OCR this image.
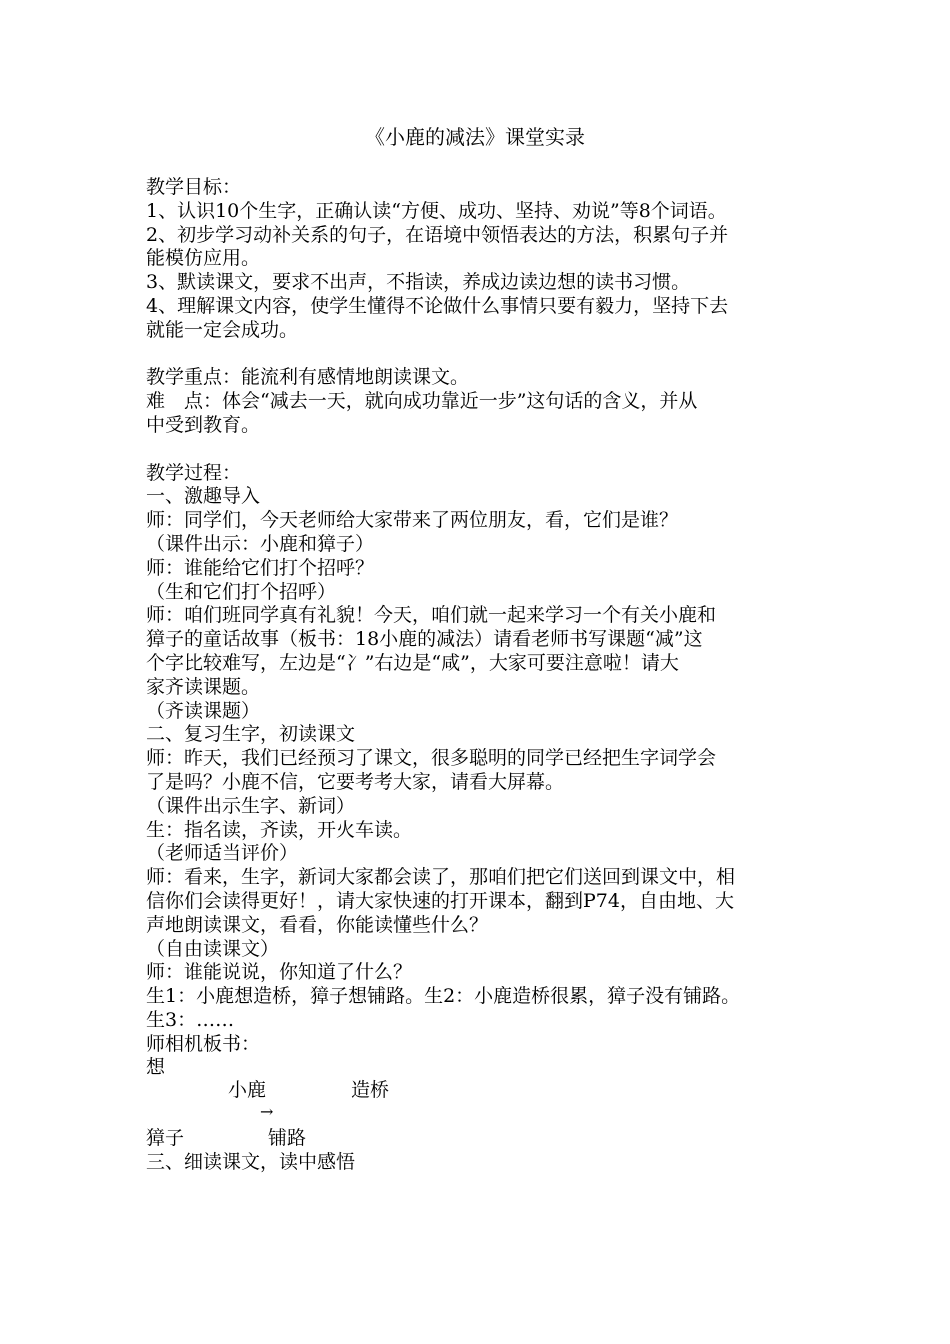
《小鹿的减法》课堂实录
教学目标：
1、认识10个生字，正确认读“方便、成功、坚持、劝说”等8个词语。
2、初步学习动补关系的句子，在语境中领悟表达的方法，积累句子并
能模仿应用。
3、默读课文，要求不出声，不指读，养成边读边想的读书习惯。
4、理解课文内容，使学生懂得不论做什么事情只要有毅力，坚持下去
就能一定会成功。
教学重点：能流利有感情地朗读课文。
难　点：体会“减去一天，就向成功靠近一步”这句话的含义，并从
中受到教育。
教学过程：
一、激趣导入
师：同学们，今天老师给大家带来了两位朋友，看，它们是谁？
（课件出示：小鹿和獐子）
师：谁能给它们打个招呼？
（生和它们打个招呼）
师：咱们班同学真有礼貌！今天，咱们就一起来学习一个有关小鹿和
獐子的童话故事（板书：18小鹿的减法）请看老师书写课题“减”这
个字比较难写，左边是“冫”右边是“咸”，大家可要注意啦！请大
家齐读课题。
（齐读课题）
二、复习生字，初读课文
师：昨天，我们已经预习了课文，很多聪明的同学已经把生字词学会
了是吗？小鹿不信，它要考考大家，请看大屏幕。
（课件出示生字、新词）
生：指名读，齐读，开火车读。
（老师适当评价）
师：看来，生字，新词大家都会读了，那咱们把它们送回到课文中，相
信你们会读得更好！，请大家快速的打开课本，翻到P74，自由地、大
声地朗读课文，看看，你能读懂些什么？
（自由读课文）
师：谁能说说，你知道了什么？
生1：小鹿想造桥，獐子想铺路。生2：小鹿造桥很累，獐子没有铺路。
生3：……
师相机板书：
想
小鹿	造桥
→
獐子	铺路
三、细读课文，读中感悟
